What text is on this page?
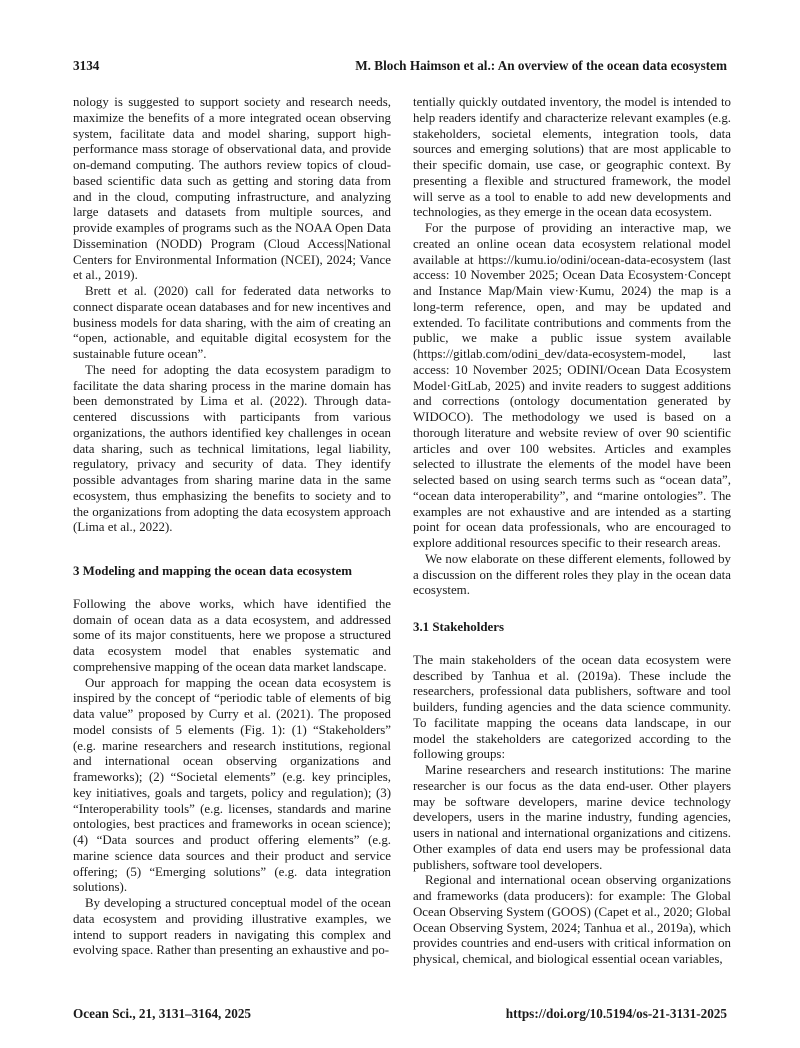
3134	M. Bloch Haimson et al.: An overview of the ocean data ecosystem

nology is suggested to support society and research needs, maximize the benefits of a more integrated ocean observing system, facilitate data and model sharing, support high-performance mass storage of observational data, and provide on-demand computing. The authors review topics of cloud-based scientific data such as getting and storing data from and in the cloud, computing infrastructure, and analyzing large datasets and datasets from multiple sources, and provide examples of programs such as the NOAA Open Data Dissemination (NODD) Program (Cloud Access|National Centers for Environmental Information (NCEI), 2024; Vance et al., 2019).

Brett et al. (2020) call for federated data networks to connect disparate ocean databases and for new incentives and business models for data sharing, with the aim of creating an “open, actionable, and equitable digital ecosystem for the sustainable future ocean”.

The need for adopting the data ecosystem paradigm to facilitate the data sharing process in the marine domain has been demonstrated by Lima et al. (2022). Through data-centered discussions with participants from various organizations, the authors identified key challenges in ocean data sharing, such as technical limitations, legal liability, regulatory, privacy and security of data. They identify possible advantages from sharing marine data in the same ecosystem, thus emphasizing the benefits to society and to the organizations from adopting the data ecosystem approach (Lima et al., 2022).

3 Modeling and mapping the ocean data ecosystem

Following the above works, which have identified the domain of ocean data as a data ecosystem, and addressed some of its major constituents, here we propose a structured data ecosystem model that enables systematic and comprehensive mapping of the ocean data market landscape.

Our approach for mapping the ocean data ecosystem is inspired by the concept of “periodic table of elements of big data value” proposed by Curry et al. (2021). The proposed model consists of 5 elements (Fig. 1): (1) “Stakeholders” (e.g. marine researchers and research institutions, regional and international ocean observing organizations and frameworks); (2) “Societal elements” (e.g. key principles, key initiatives, goals and targets, policy and regulation); (3) “Interoperability tools” (e.g. licenses, standards and marine ontologies, best practices and frameworks in ocean science); (4) “Data sources and product offering elements” (e.g. marine science data sources and their product and service offering; (5) “Emerging solutions” (e.g. data integration solutions).

By developing a structured conceptual model of the ocean data ecosystem and providing illustrative examples, we intend to support readers in navigating this complex and evolving space. Rather than presenting an exhaustive and po-

tentially quickly outdated inventory, the model is intended to help readers identify and characterize relevant examples (e.g. stakeholders, societal elements, integration tools, data sources and emerging solutions) that are most applicable to their specific domain, use case, or geographic context. By presenting a flexible and structured framework, the model will serve as a tool to enable to add new developments and technologies, as they emerge in the ocean data ecosystem.

For the purpose of providing an interactive map, we created an online ocean data ecosystem relational model available at https://kumu.io/odini/ocean-data-ecosystem (last access: 10 November 2025; Ocean Data Ecosystem·Concept and Instance Map/Main view·Kumu, 2024) the map is a long-term reference, open, and may be updated and extended. To facilitate contributions and comments from the public, we make a public issue system available (https://gitlab.com/odini_dev/data-ecosystem-model, last access: 10 November 2025; ODINI/Ocean Data Ecosystem Model·GitLab, 2025) and invite readers to suggest additions and corrections (ontology documentation generated by WIDOCO). The methodology we used is based on a thorough literature and website review of over 90 scientific articles and over 100 websites. Articles and examples selected to illustrate the elements of the model have been selected based on using search terms such as “ocean data”, “ocean data interoperability”, and “marine ontologies”. The examples are not exhaustive and are intended as a starting point for ocean data professionals, who are encouraged to explore additional resources specific to their research areas.

We now elaborate on these different elements, followed by a discussion on the different roles they play in the ocean data ecosystem.

3.1 Stakeholders

The main stakeholders of the ocean data ecosystem were described by Tanhua et al. (2019a). These include the researchers, professional data publishers, software and tool builders, funding agencies and the data science community. To facilitate mapping the oceans data landscape, in our model the stakeholders are categorized according to the following groups:

Marine researchers and research institutions: The marine researcher is our focus as the data end-user. Other players may be software developers, marine device technology developers, users in the marine industry, funding agencies, users in national and international organizations and citizens. Other examples of data end users may be professional data publishers, software tool developers.

Regional and international ocean observing organizations and frameworks (data producers): for example: The Global Ocean Observing System (GOOS) (Capet et al., 2020; Global Ocean Observing System, 2024; Tanhua et al., 2019a), which provides countries and end-users with critical information on physical, chemical, and biological essential ocean variables,

Ocean Sci., 21, 3131–3164, 2025	https://doi.org/10.5194/os-21-3131-2025
